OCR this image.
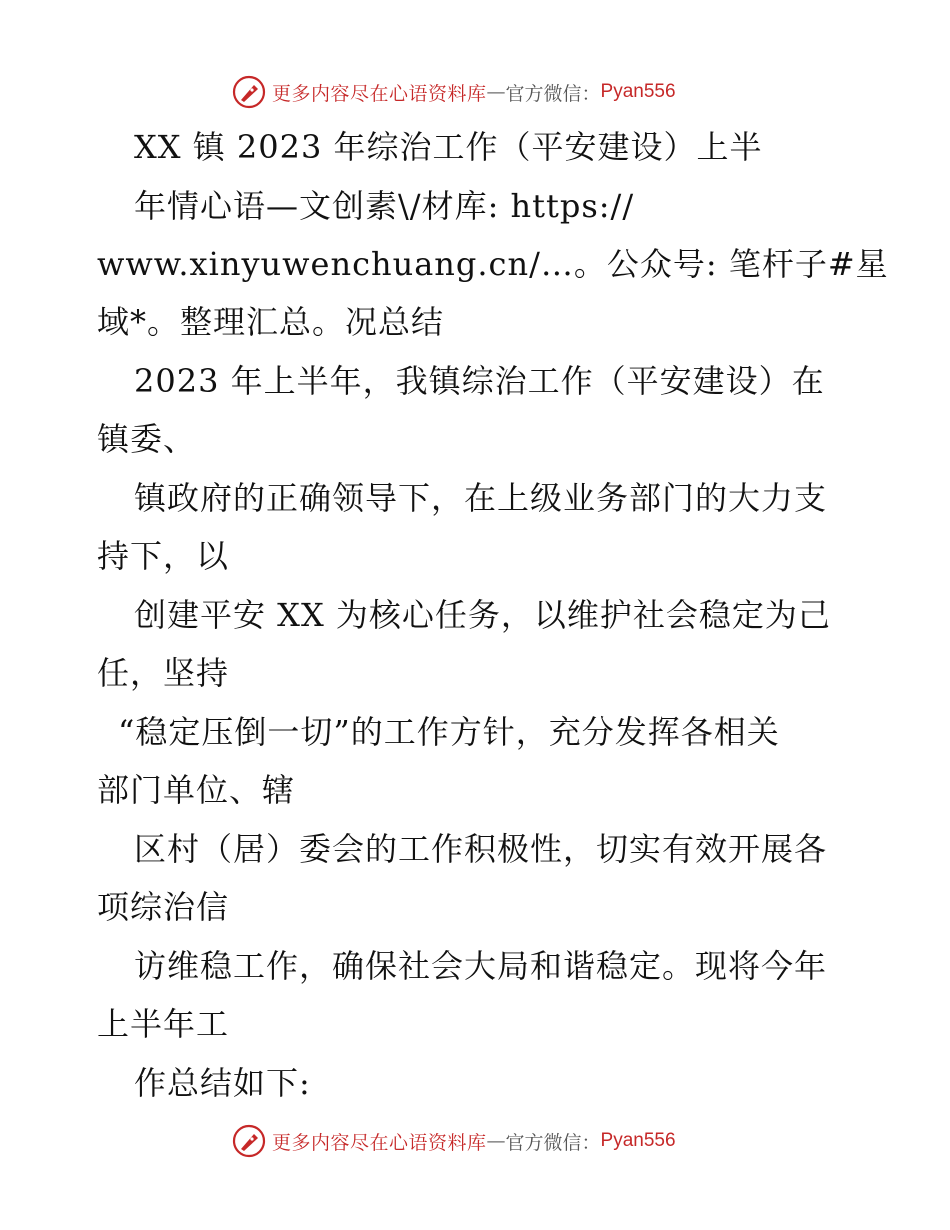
更多内容尽在心语资料库 — 官方微信： Pyan556
XX 镇 2023 年综治工作（平安建设）上半
年情心语—文创素\/材库: https://
www.xinyuwenchuang.cn/…。公众号: 笔杆子#星
域*。整理汇总。况总结
2023 年上半年，我镇综治工作（平安建设）在
镇委、
镇政府的正确领导下，在上级业务部门的大力支
持下，以
创建平安 XX 为核心任务，以维护社会稳定为己
任，坚持
“稳定压倒一切”的工作方针，充分发挥各相关
部门单位、辖
区村（居）委会的工作积极性，切实有效开展各
项综治信
访维稳工作，确保社会大局和谐稳定。现将今年
上半年工
作总结如下:
更多内容尽在心语资料库 — 官方微信： Pyan556
